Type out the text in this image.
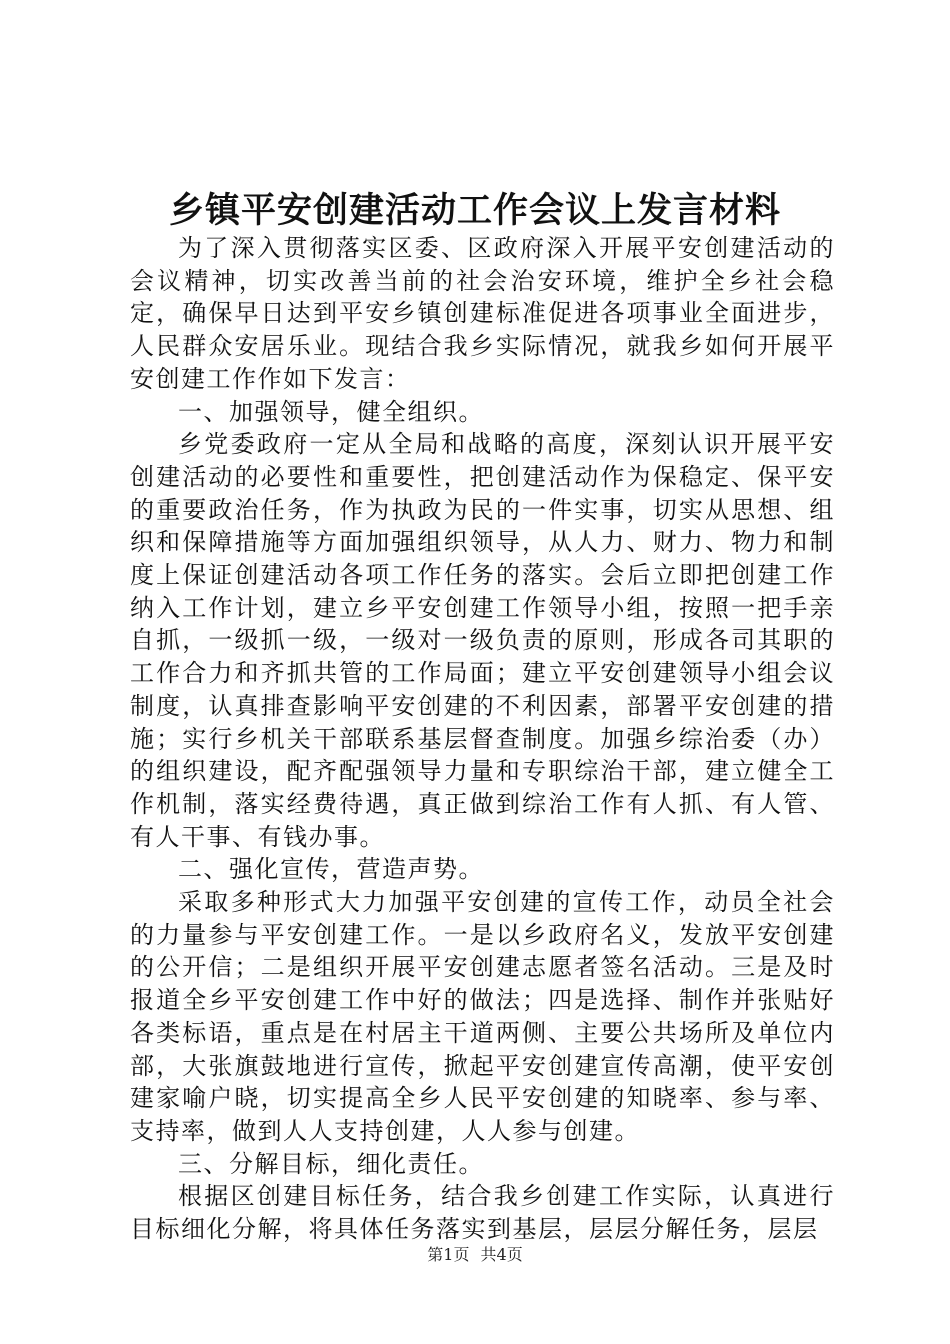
乡镇平安创建活动工作会议上发言材料

为了深入贯彻落实区委、区政府深入开展平安创建活动的会议精神，切实改善当前的社会治安环境，维护全乡社会稳定，确保早日达到平安乡镇创建标准促进各项事业全面进步，人民群众安居乐业。现结合我乡实际情况，就我乡如何开展平安创建工作作如下发言：

一、加强领导，健全组织。

乡党委政府一定从全局和战略的高度，深刻认识开展平安创建活动的必要性和重要性，把创建活动作为保稳定、保平安的重要政治任务，作为执政为民的一件实事，切实从思想、组织和保障措施等方面加强组织领导，从人力、财力、物力和制度上保证创建活动各项工作任务的落实。会后立即把创建工作纳入工作计划，建立乡平安创建工作领导小组，按照一把手亲自抓，一级抓一级，一级对一级负责的原则，形成各司其职的工作合力和齐抓共管的工作局面；建立平安创建领导小组会议制度，认真排查影响平安创建的不利因素，部署平安创建的措施；实行乡机关干部联系基层督查制度。加强乡综治委（办）的组织建设，配齐配强领导力量和专职综治干部，建立健全工作机制，落实经费待遇，真正做到综治工作有人抓、有人管、有人干事、有钱办事。

二、强化宣传，营造声势。

采取多种形式大力加强平安创建的宣传工作，动员全社会的力量参与平安创建工作。一是以乡政府名义，发放平安创建的公开信；二是组织开展平安创建志愿者签名活动。三是及时报道全乡平安创建工作中好的做法；四是选择、制作并张贴好各类标语，重点是在村居主干道两侧、主要公共场所及单位内部，大张旗鼓地进行宣传，掀起平安创建宣传高潮，使平安创建家喻户晓，切实提高全乡人民平安创建的知晓率、参与率、支持率，做到人人支持创建，人人参与创建。

三、分解目标，细化责任。

根据区创建目标任务，结合我乡创建工作实际，认真进行目标细化分解，将具体任务落实到基层，层层分解任务，层层

第1页 共4页
